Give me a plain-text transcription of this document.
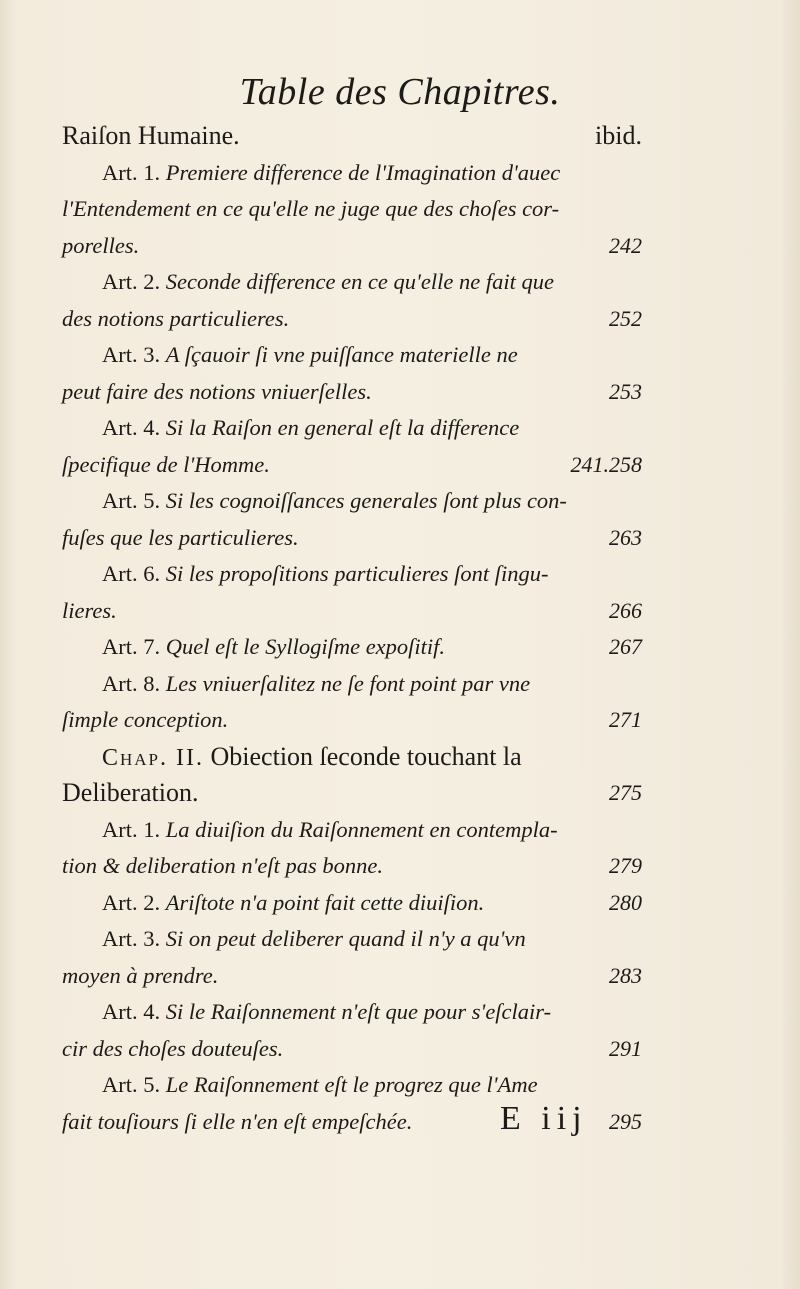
Table des Chapitres.
Raiſon Humaine.	ibid.
Art. 1. Premiere difference de l'Imagination d'auec
l'Entendement en ce qu'elle ne juge que des choſes cor-
porelles.	242
Art. 2. Seconde difference en ce qu'elle ne fait que
des notions particulieres.	252
Art. 3. A ſçauoir ſi vne puiſſance materielle ne
peut faire des notions vniuerſelles.	253
Art. 4. Si la Raiſon en general eſt la difference
ſpecifique de l'Homme.	241.258
Art. 5. Si les cognoiſſances generales ſont plus con-
fuſes que les particulieres.	263
Art. 6. Si les propoſitions particulieres ſont ſingu-
lieres.	266
Art. 7. Quel eſt le Syllogiſme expoſitif.	267
Art. 8. Les vniuerſalitez ne ſe font point par vne
ſimple conception.	271
Chap. II. Obiection ſeconde touchant la
Deliberation.	275
Art. 1. La diuiſion du Raiſonnement en contempla-
tion & deliberation n'eſt pas bonne.	279
Art. 2. Ariſtote n'a point fait cette diuiſion.	280
Art. 3. Si on peut deliberer quand il n'y a qu'vn
moyen à prendre.	283
Art. 4. Si le Raiſonnement n'eſt que pour s'eſclair-
cir des choſes douteuſes.	291
Art. 5. Le Raiſonnement eſt le progrez que l'Ame
fait touſiours ſi elle n'en eſt empeſchée.	295
E iij
